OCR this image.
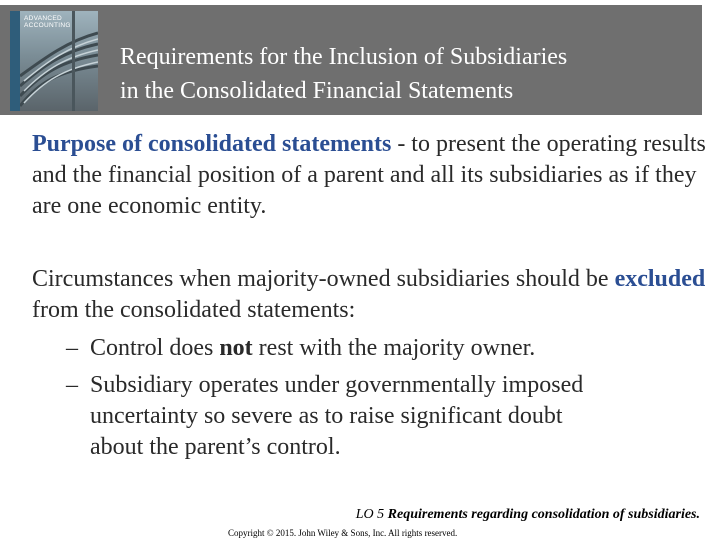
ADVANCED ACCOUNTING
Requirements for the Inclusion of Subsidiaries
in the Consolidated Financial Statements

Purpose of consolidated statements - to present the operating results and the financial position of a parent and all its subsidiaries as if they are one economic entity.

Circumstances when majority-owned subsidiaries should be excluded from the consolidated statements:

– Control does not rest with the majority owner.

– Subsidiary operates under governmentally imposed
uncertainty so severe as to raise significant doubt
about the parent’s control.

LO 5 Requirements regarding consolidation of subsidiaries.

Copyright © 2015. John Wiley & Sons, Inc. All rights reserved.
